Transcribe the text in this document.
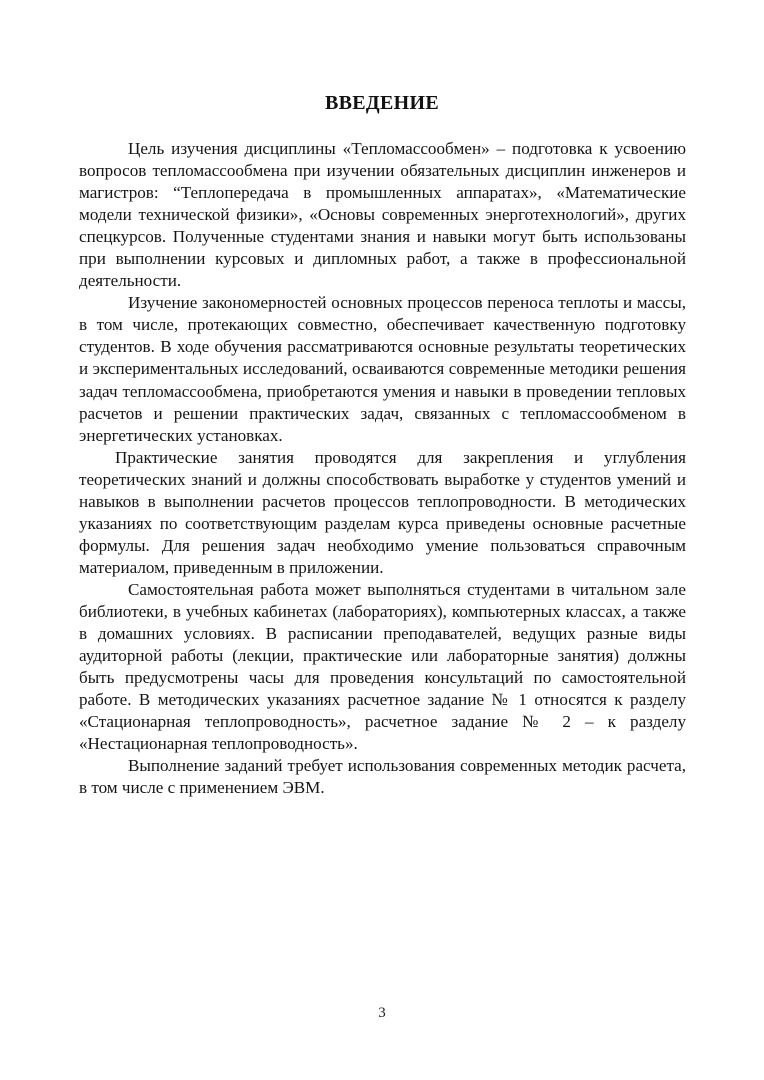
ВВЕДЕНИЕ

Цель изучения дисциплины «Тепломассообмен» – подготовка к усвоению вопросов тепломассообмена при изучении обязательных дисциплин инженеров и магистров: “Теплопередача в промышленных аппаратах», «Математические модели технической физики», «Основы современных энерготехнологий», других спецкурсов. Полученные студентами знания и навыки могут быть использованы при выполнении курсовых и дипломных работ, а также в профессиональной деятельности.

Изучение закономерностей основных процессов переноса теплоты и массы, в том числе, протекающих совместно, обеспечивает качественную подготовку студентов. В ходе обучения рассматриваются основные результаты теоретических и экспериментальных исследований, осваиваются современные методики решения задач тепломассообмена, приобретаются умения и навыки в проведении тепловых расчетов и решении практических задач, связанных с тепломассообменом в энергетических установках.

Практические занятия проводятся для закрепления и углубления теоретических знаний и должны способствовать выработке у студентов умений и навыков в выполнении расчетов процессов теплопроводности. В методических указаниях по соответствующим разделам курса приведены основные расчетные формулы. Для решения задач необходимо умение пользоваться справочным материалом, приведенным в приложении.

Самостоятельная работа может выполняться студентами в читальном зале библиотеки, в учебных кабинетах (лабораториях), компьютерных классах, а также в домашних условиях. В расписании преподавателей, ведущих разные виды аудиторной работы (лекции, практические или лабораторные занятия) должны быть предусмотрены часы для проведения консультаций по самостоятельной работе. В методических указаниях расчетное задание № 1 относятся к разделу «Стационарная теплопроводность», расчетное задание № 2 – к разделу «Нестационарная теплопроводность».

Выполнение заданий требует использования современных методик расчета, в том числе с применением ЭВМ.

3
